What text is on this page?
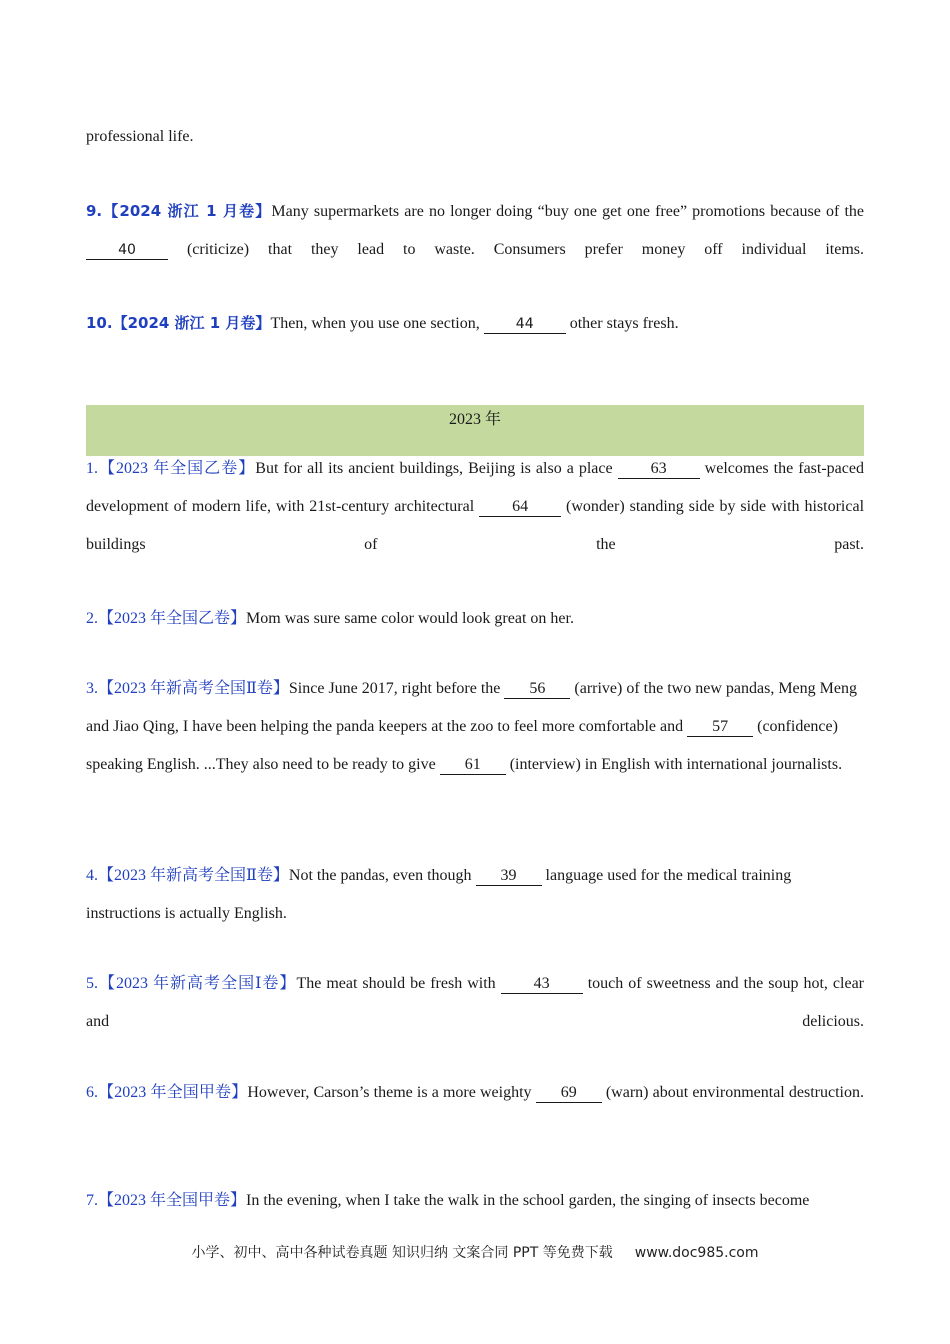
professional life.
9.【2024 浙江 1 月卷】Many supermarkets are no longer doing “buy one get one free” promotions because of the 40	(criticize) that they lead to waste. Consumers prefer money off individual items.
10.【2024 浙江 1 月卷】Then, when you use one section,	44 other stays fresh.
2023 年
1.【2023 年全国乙卷】But for all its ancient buildings, Beijing is also a place 63 welcomes the fast-paced development of modern life, with 21st-century architectural 64 (wonder) standing side by side with historical buildings of the past.
2.【2023 年全国乙卷】Mom was sure same color would look great on her.
3.【2023 年新高考全国Ⅱ卷】Since June 2017, right before the 56 (arrive) of the two new pandas, Meng Meng and Jiao Qing, I have been helping the panda keepers at the zoo to feel more comfortable and 57 (confidence) speaking English. ...They also need to be ready to give 61 (interview) in English with international journalists.
4.【2023 年新高考全国Ⅱ卷】Not the pandas, even though 39 language used for the medical training instructions is actually English.
5.【2023 年新高考全国Ⅰ卷】The meat should be fresh with 43 touch of sweetness and the soup hot, clear and delicious.
6.【2023 年全国甲卷】However, Carson’s theme is a more weighty 69 (warn) about environmental destruction.
7.【2023 年全国甲卷】In the evening, when I take the walk in the school garden, the singing of insects become
小学、初中、高中各种试卷真题 知识归纳 文案合同 PPT 等免费下载 www.doc985.com
